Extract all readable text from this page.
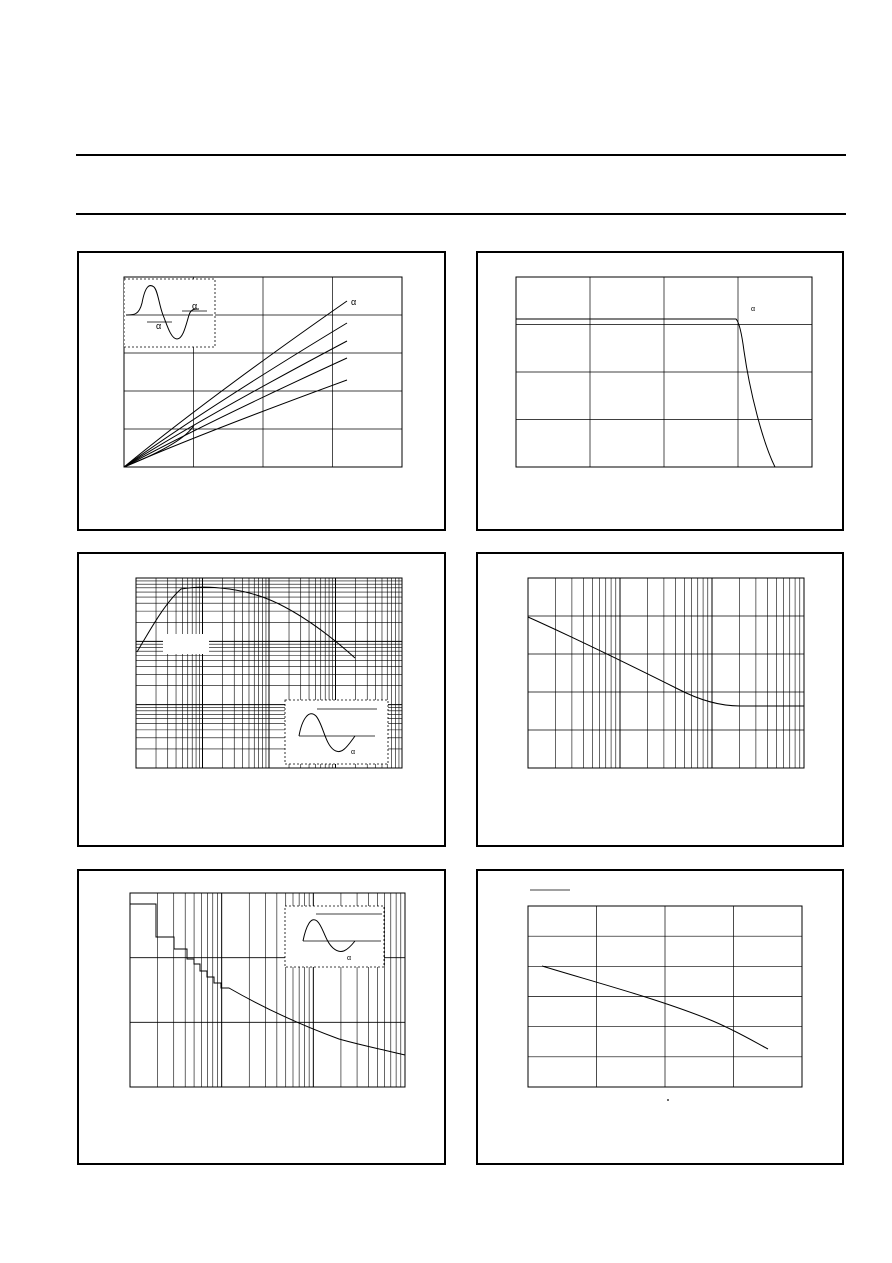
α
α	α
α
α
α
